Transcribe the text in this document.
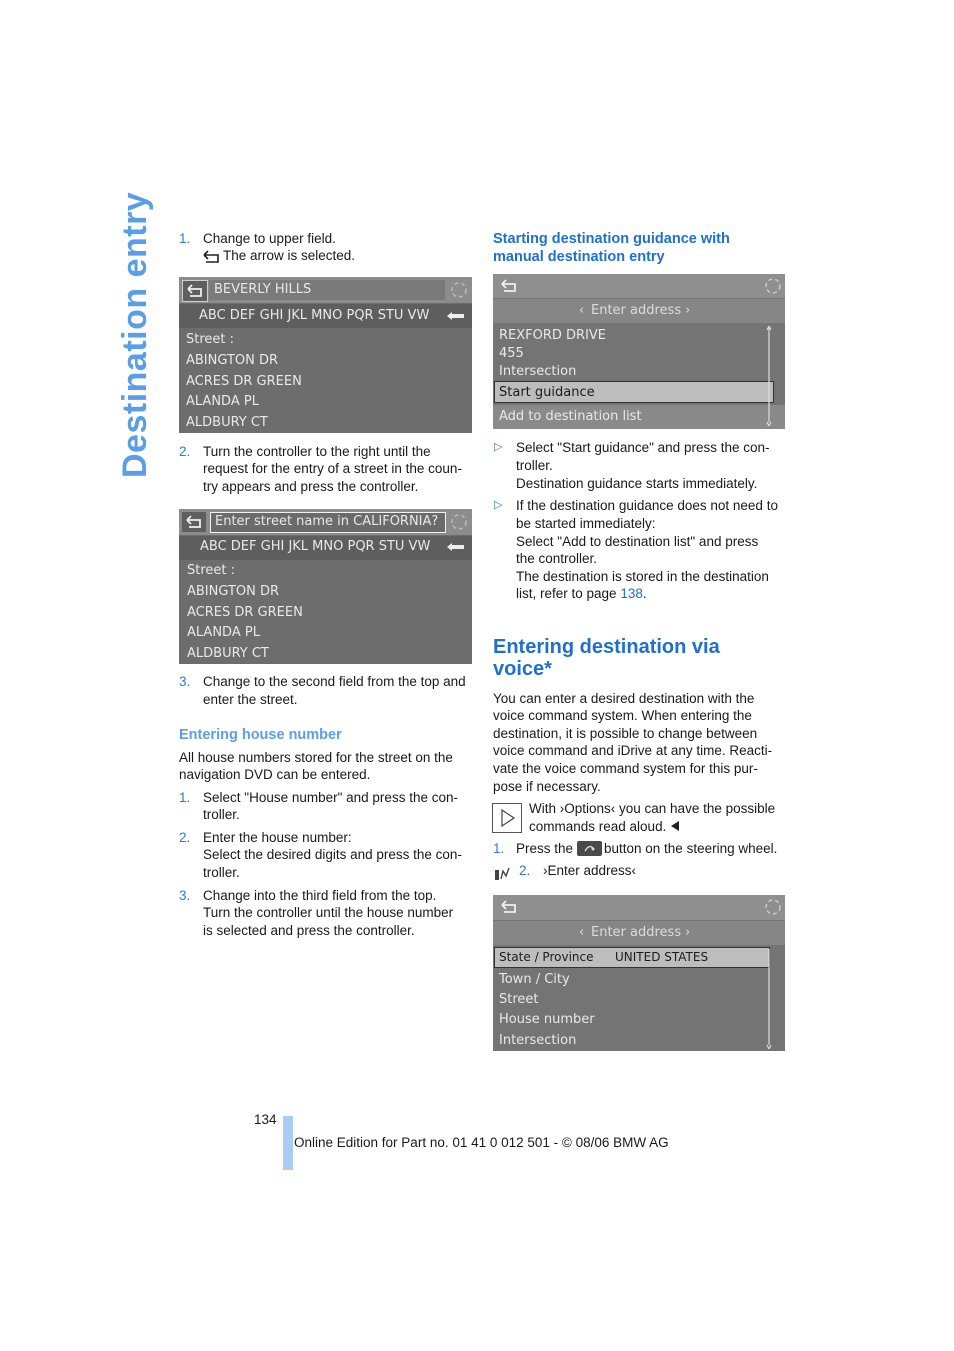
Destination entry 1. Change to upper field.
The arrow is selected.
BEVERLY HILLS
ABC DEF GHI JKL MNO PQR STU VW
Street :
ABINGTON DR
ACRES DR GREEN
ALANDA PL
ALDBURY CT
2. Turn the controller to the right until the
request for the entry of a street in the coun-
try appears and press the controller.
Enter street name in CALIFORNIA?
ABC DEF GHI JKL MNO PQR STU VW
Street :
ABINGTON DR
ACRES DR GREEN
ALANDA PL
ALDBURY CT
3. Change to the second field from the top and
enter the street.
Entering house number
All house numbers stored for the street on the
navigation DVD can be entered.
1. Select "House number" and press the con-
troller.
2. Enter the house number:
Select the desired digits and press the con-
troller.
3. Change into the third field from the top.
Turn the controller until the house number
is selected and press the controller.
Starting destination guidance with
manual destination entry
‹ Enter address ›
REXFORD DRIVE
455
Intersection
Start guidance
Add to destination list
▷ Select "Start guidance" and press the con-
troller.
Destination guidance starts immediately.
▷ If the destination guidance does not need to
be started immediately:
Select "Add to destination list" and press
the controller.
The destination is stored in the destination
list, refer to page 138.
Entering destination via
voice*
You can enter a desired destination with the
voice command system. When entering the
destination, it is possible to change between
voice command and iDrive at any time. Reacti-
vate the voice command system for this pur-
pose if necessary.
With ›Options‹ you can have the possible
commands read aloud.
1. Press the button on the steering wheel.
2. ›Enter address‹
‹ Enter address ›
State / Province UNITED STATES
Town / City
Street
House number
Intersection
134
Online Edition for Part no. 01 41 0 012 501 - © 08/06 BMW AG
